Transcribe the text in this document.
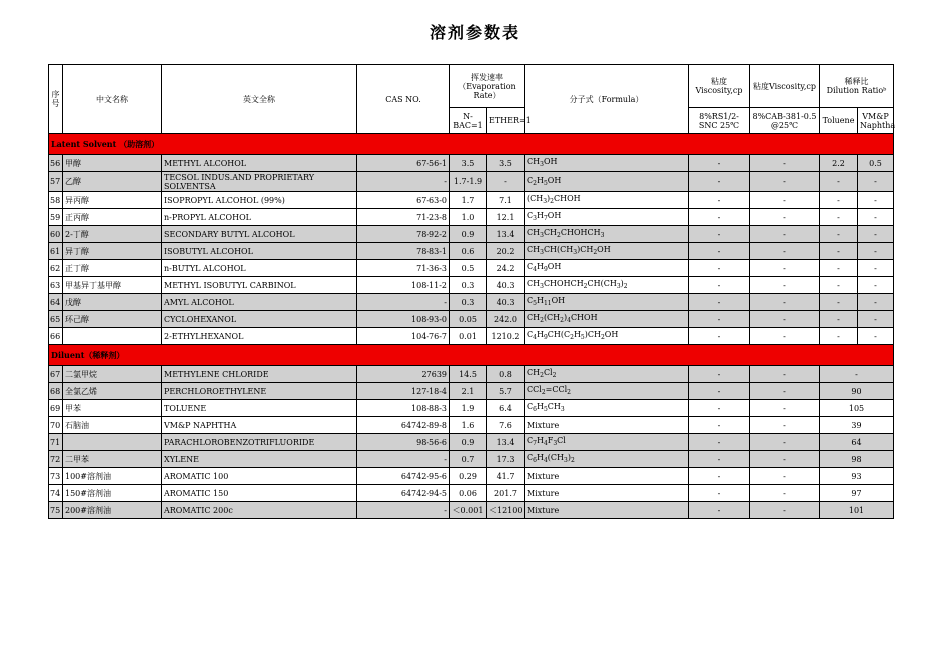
溶剂参数表
序号	中文名称	英文全称	CAS NO.	挥发速率（Evaporation Rate）		分子式（Formula）	粘度Viscosity,cp	粘度Viscosity,cp	稀释比　Dilution Ratioᵇ	
				N-BAC=1	ETHER=1		8%RS1/2-SNC 25℃	8%CAB-381-0.5 @25℃	Toluene	VM&P Naphtha
Latent Solvent （助溶剂）										
56	甲醇	METHYL ALCOHOL	67-56-1	3.5	3.5	$CH_3OH$	-	-	2.2	0.5
57	乙醇	TECSOL INDUS.AND PROPRIETARY SOLVENTSA	-	1.7-1.9	-	$C_2H_5OH$	-	-	-	-
58	异丙醇	ISOPROPYL ALCOHOL (99%)	67-63-0	1.7	7.1	$(CH_3)_2CHOH$	-	-	-	-
59	正丙醇	n-PROPYL ALCOHOL	71-23-8	1.0	12.1	$C_3H_7OH$	-	-	-	-
60	2-丁醇	SECONDARY BUTYL ALCOHOL	78-92-2	0.9	13.4	$CH_3CH_2CHOHCH_3$	-	-	-	-
61	异丁醇	ISOBUTYL ALCOHOL	78-83-1	0.6	20.2	$CH_3CH(CH_3)CH_2OH$	-	-	-	-
62	正丁醇	n-BUTYL ALCOHOL	71-36-3	0.5	24.2	$C_4H_9OH$	-	-	-	-
63	甲基异丁基甲醇	METHYL ISOBUTYL CARBINOL	108-11-2	0.3	40.3	$CH_3CHOHCH_2CH(CH_3)_2$	-	-	-	-
64	戊醇	AMYL ALCOHOL	-	0.3	40.3	$C_5H_{11}OH$	-	-	-	-
65	环己醇	CYCLOHEXANOL	108-93-0	0.05	242.0	$CH_2(CH_2)_4CHOH$	-	-	-	-
66		2-ETHYLHEXANOL	104-76-7	0.01	1210.2	$C_4H_9CH(C_2H_5)CH_2OH$	-	-	-	-
Diluent（稀释剂）										
67	二氯甲烷	METHYLENE CHLORIDE	27639	14.5	0.8	$CH_2Cl_2$	-	-	-	
68	全氯乙烯	PERCHLOROETHYLENE	127-18-4	2.1	5.7	CCl$_2$=CCl$_2$	-	-	90	
69	甲苯	TOLUENE	108-88-3	1.9	6.4	$C_6H_5CH_3$	-	-	105	
70	石脑油	VM&P NAPHTHA	64742-89-8	1.6	7.6	Mixture	-	-	39	
71		PARACHLOROBENZOTRIFLUORIDE	98-56-6	0.9	13.4	$C_7H_4F_3Cl$	-	-	64	
72	二甲苯	XYLENE	-	0.7	17.3	$C_6H_4(CH_3)_2$	-	-	98	
73	100#溶剂油	AROMATIC 100	64742-95-6	0.29	41.7	Mixture	-	-	93	
74	150#溶剂油	AROMATIC 150	64742-94-5	0.06	201.7	Mixture	-	-	97	
75	200#溶剂油	AROMATIC 200c	-	＜0.001	＜12100	Mixture	-	-	101	
